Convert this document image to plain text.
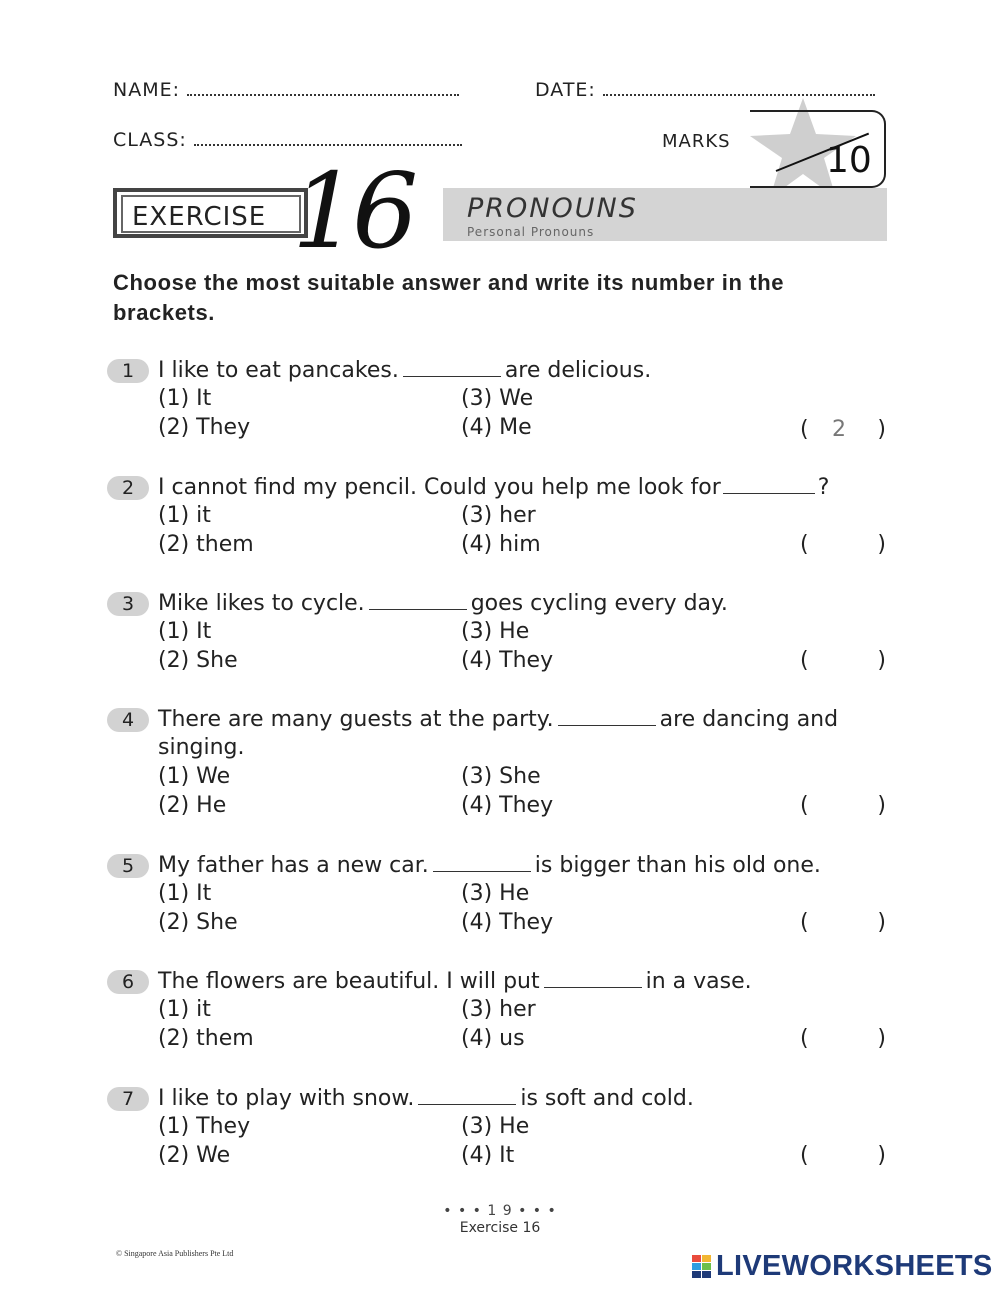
NAME:	DATE:
CLASS:	MARKS	10
EXERCISE 16 PRONOUNS
Personal Pronouns
Choose the most suitable answer and write its number in the brackets.
1	I like to eat pancakes.	are delicious.
(1) It	(3) We
(2) They	(4) Me	( 2 )
2	I cannot find my pencil. Could you help me look for	?
(1) it	(3) her
(2) them	(4) him	(	)
3	Mike likes to cycle.	goes cycling every day.
(1) It	(3) He
(2) She	(4) They	(	)
4	There are many guests at the party.	are dancing and
singing.
(1) We	(3) She
(2) He	(4) They	(	)
5	My father has a new car.	is bigger than his old one.
(1) It	(3) He
(2) She	(4) They	(	)
6	The flowers are beautiful. I will put	in a vase.
(1) it	(3) her
(2) them	(4) us	(	)
7	I like to play with snow.	is soft and cold.
(1) They	(3) He
(2) We	(4) It	(	)
• • • 1 9 • • •
Exercise 16
© Singapore Asia Publishers Pte Ltd	LIVEWORKSHEETS
